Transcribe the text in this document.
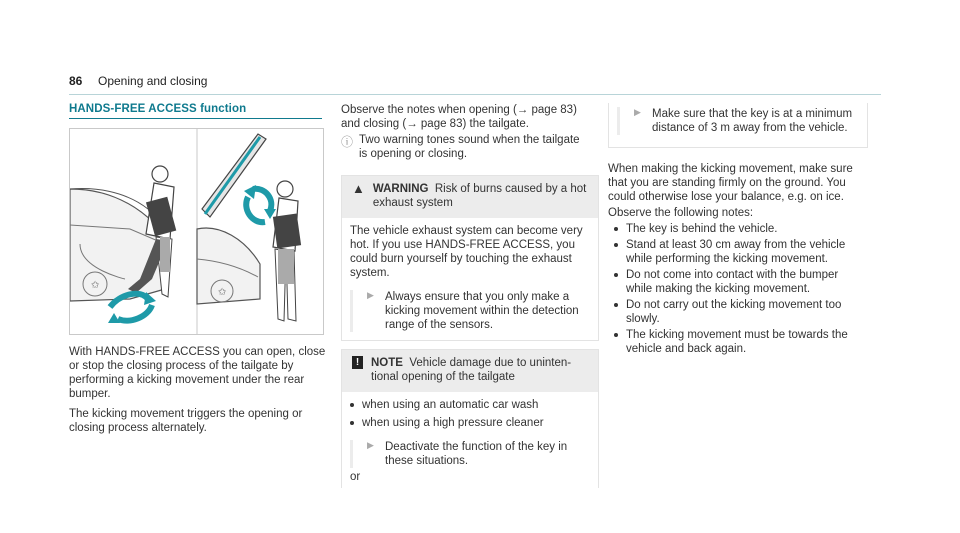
86 Opening and closing
HANDS-FREE ACCESS function
✩
✩

With HANDS-FREE ACCESS you can open, close

or stop the closing process of the tailgate by

performing a kicking movement under the rear

bumper.

The kicking movement triggers the opening or

closing process alternately.

Observe the notes when opening (→ page 83)

and closing (→ page 83) the tailgate.

ⓘ Two warning tones sound when the tailgate

is opening or closing.

▲ WARNING Risk of burns caused by a hot

exhaust system

The vehicle exhaust system can become very

hot. If you use HANDS-FREE ACCESS, you

could burn yourself by touching the exhaust

system.

▶ Always ensure that you only make a

kicking movement within the detection

range of the sensors.

!	NOTE Vehicle damage due to uninten-

tional opening of the tailgate

when using an automatic car wash

when using a high pressure cleaner

▶ Deactivate the function of the key in

these situations.

or

▶ Make sure that the key is at a minimum

distance of 3 m away from the vehicle.

When making the kicking movement, make sure

that you are standing firmly on the ground. You

could otherwise lose your balance, e.g. on ice.

Observe the following notes:

The key is behind the vehicle.

Stand at least 30 cm away from the vehicle

while performing the kicking movement.

Do not come into contact with the bumper

while making the kicking movement.

Do not carry out the kicking movement too

slowly.

The kicking movement must be towards the

vehicle and back again.
